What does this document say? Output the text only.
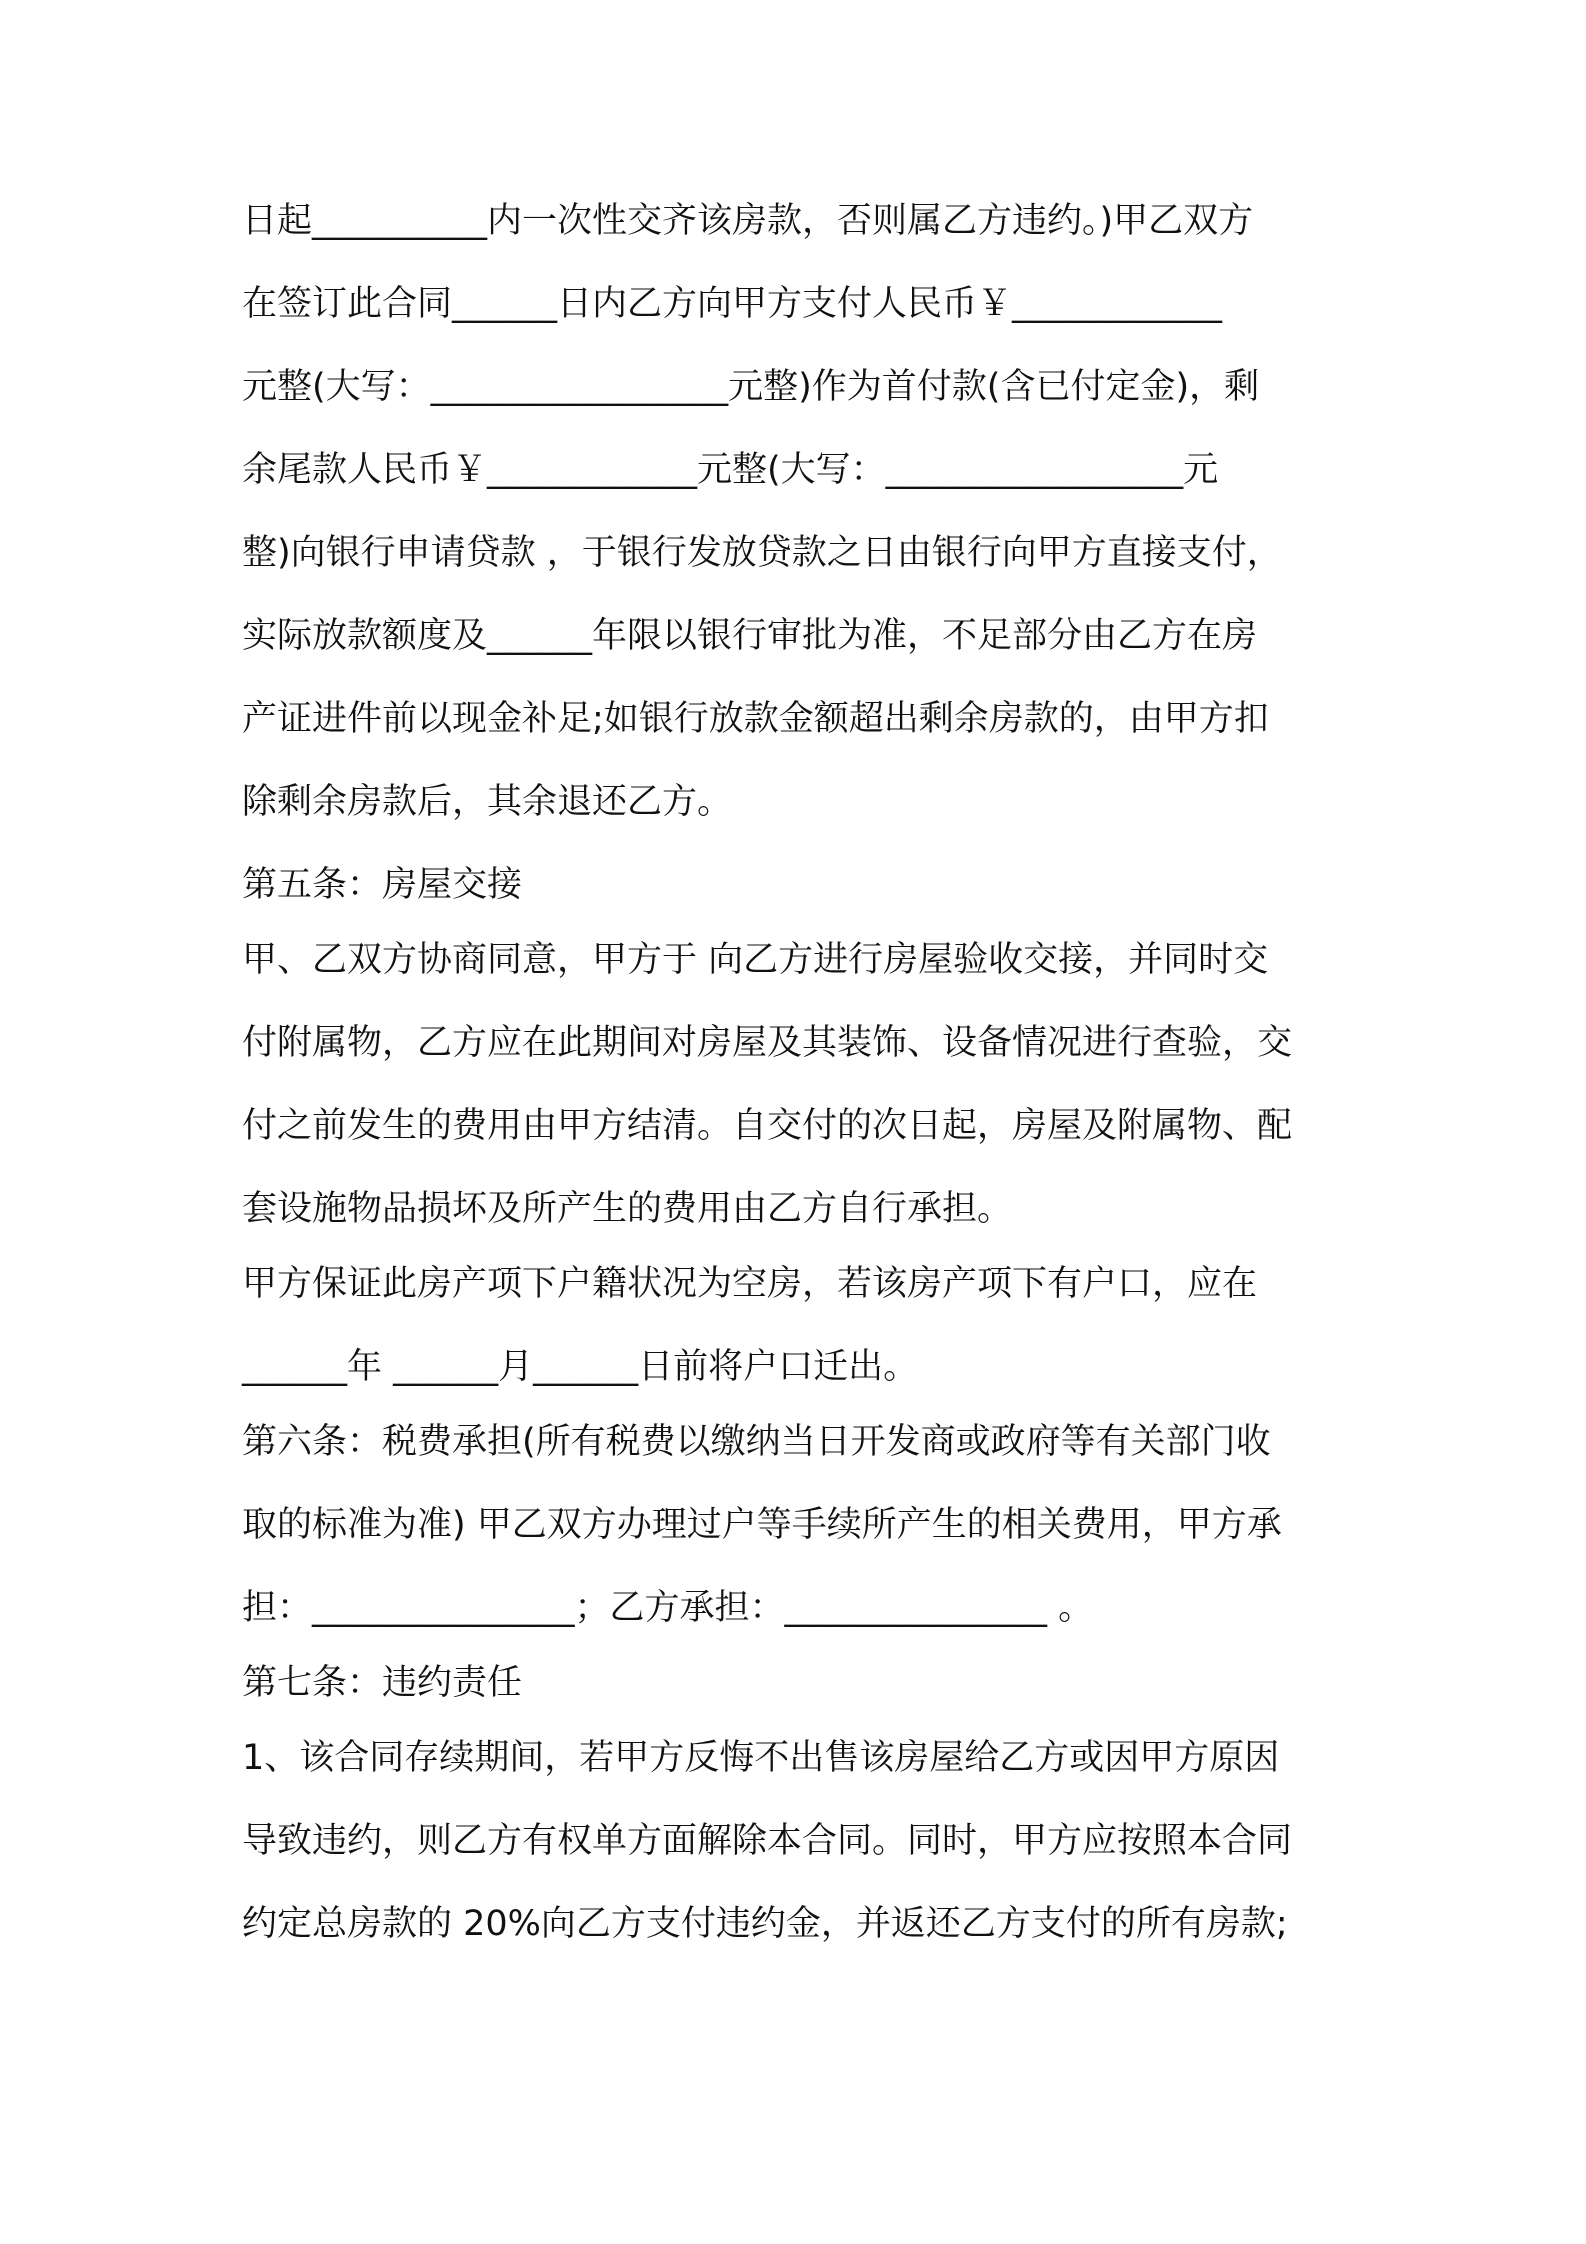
日起__________内一次性交齐该房款，否则属乙方违约。)甲乙双方
在签订此合同______日内乙方向甲方支付人民币￥____________
元整(大写：_________________元整)作为首付款(含已付定金)，剩
余尾款人民币￥____________元整(大写：_________________元
整)向银行申请贷款 ，于银行发放贷款之日由银行向甲方直接支付，
实际放款额度及______年限以银行审批为准，不足部分由乙方在房
产证进件前以现金补足;如银行放款金额超出剩余房款的，由甲方扣
除剩余房款后，其余退还乙方。
第五条：房屋交接
甲、乙双方协商同意，甲方于 向乙方进行房屋验收交接，并同时交
付附属物，乙方应在此期间对房屋及其装饰、设备情况进行查验，交
付之前发生的费用由甲方结清。自交付的次日起，房屋及附属物、配
套设施物品损坏及所产生的费用由乙方自行承担。
甲方保证此房产项下户籍状况为空房，若该房产项下有户口，应在
______年 ______月______日前将户口迁出。
第六条：税费承担(所有税费以缴纳当日开发商或政府等有关部门收
取的标准为准) 甲乙双方办理过户等手续所产生的相关费用，甲方承
担：_______________；乙方承担：_______________ 。
第七条：违约责任
1、该合同存续期间，若甲方反悔不出售该房屋给乙方或因甲方原因
导致违约，则乙方有权单方面解除本合同。同时，甲方应按照本合同
约定总房款的 20%向乙方支付违约金，并返还乙方支付的所有房款;
